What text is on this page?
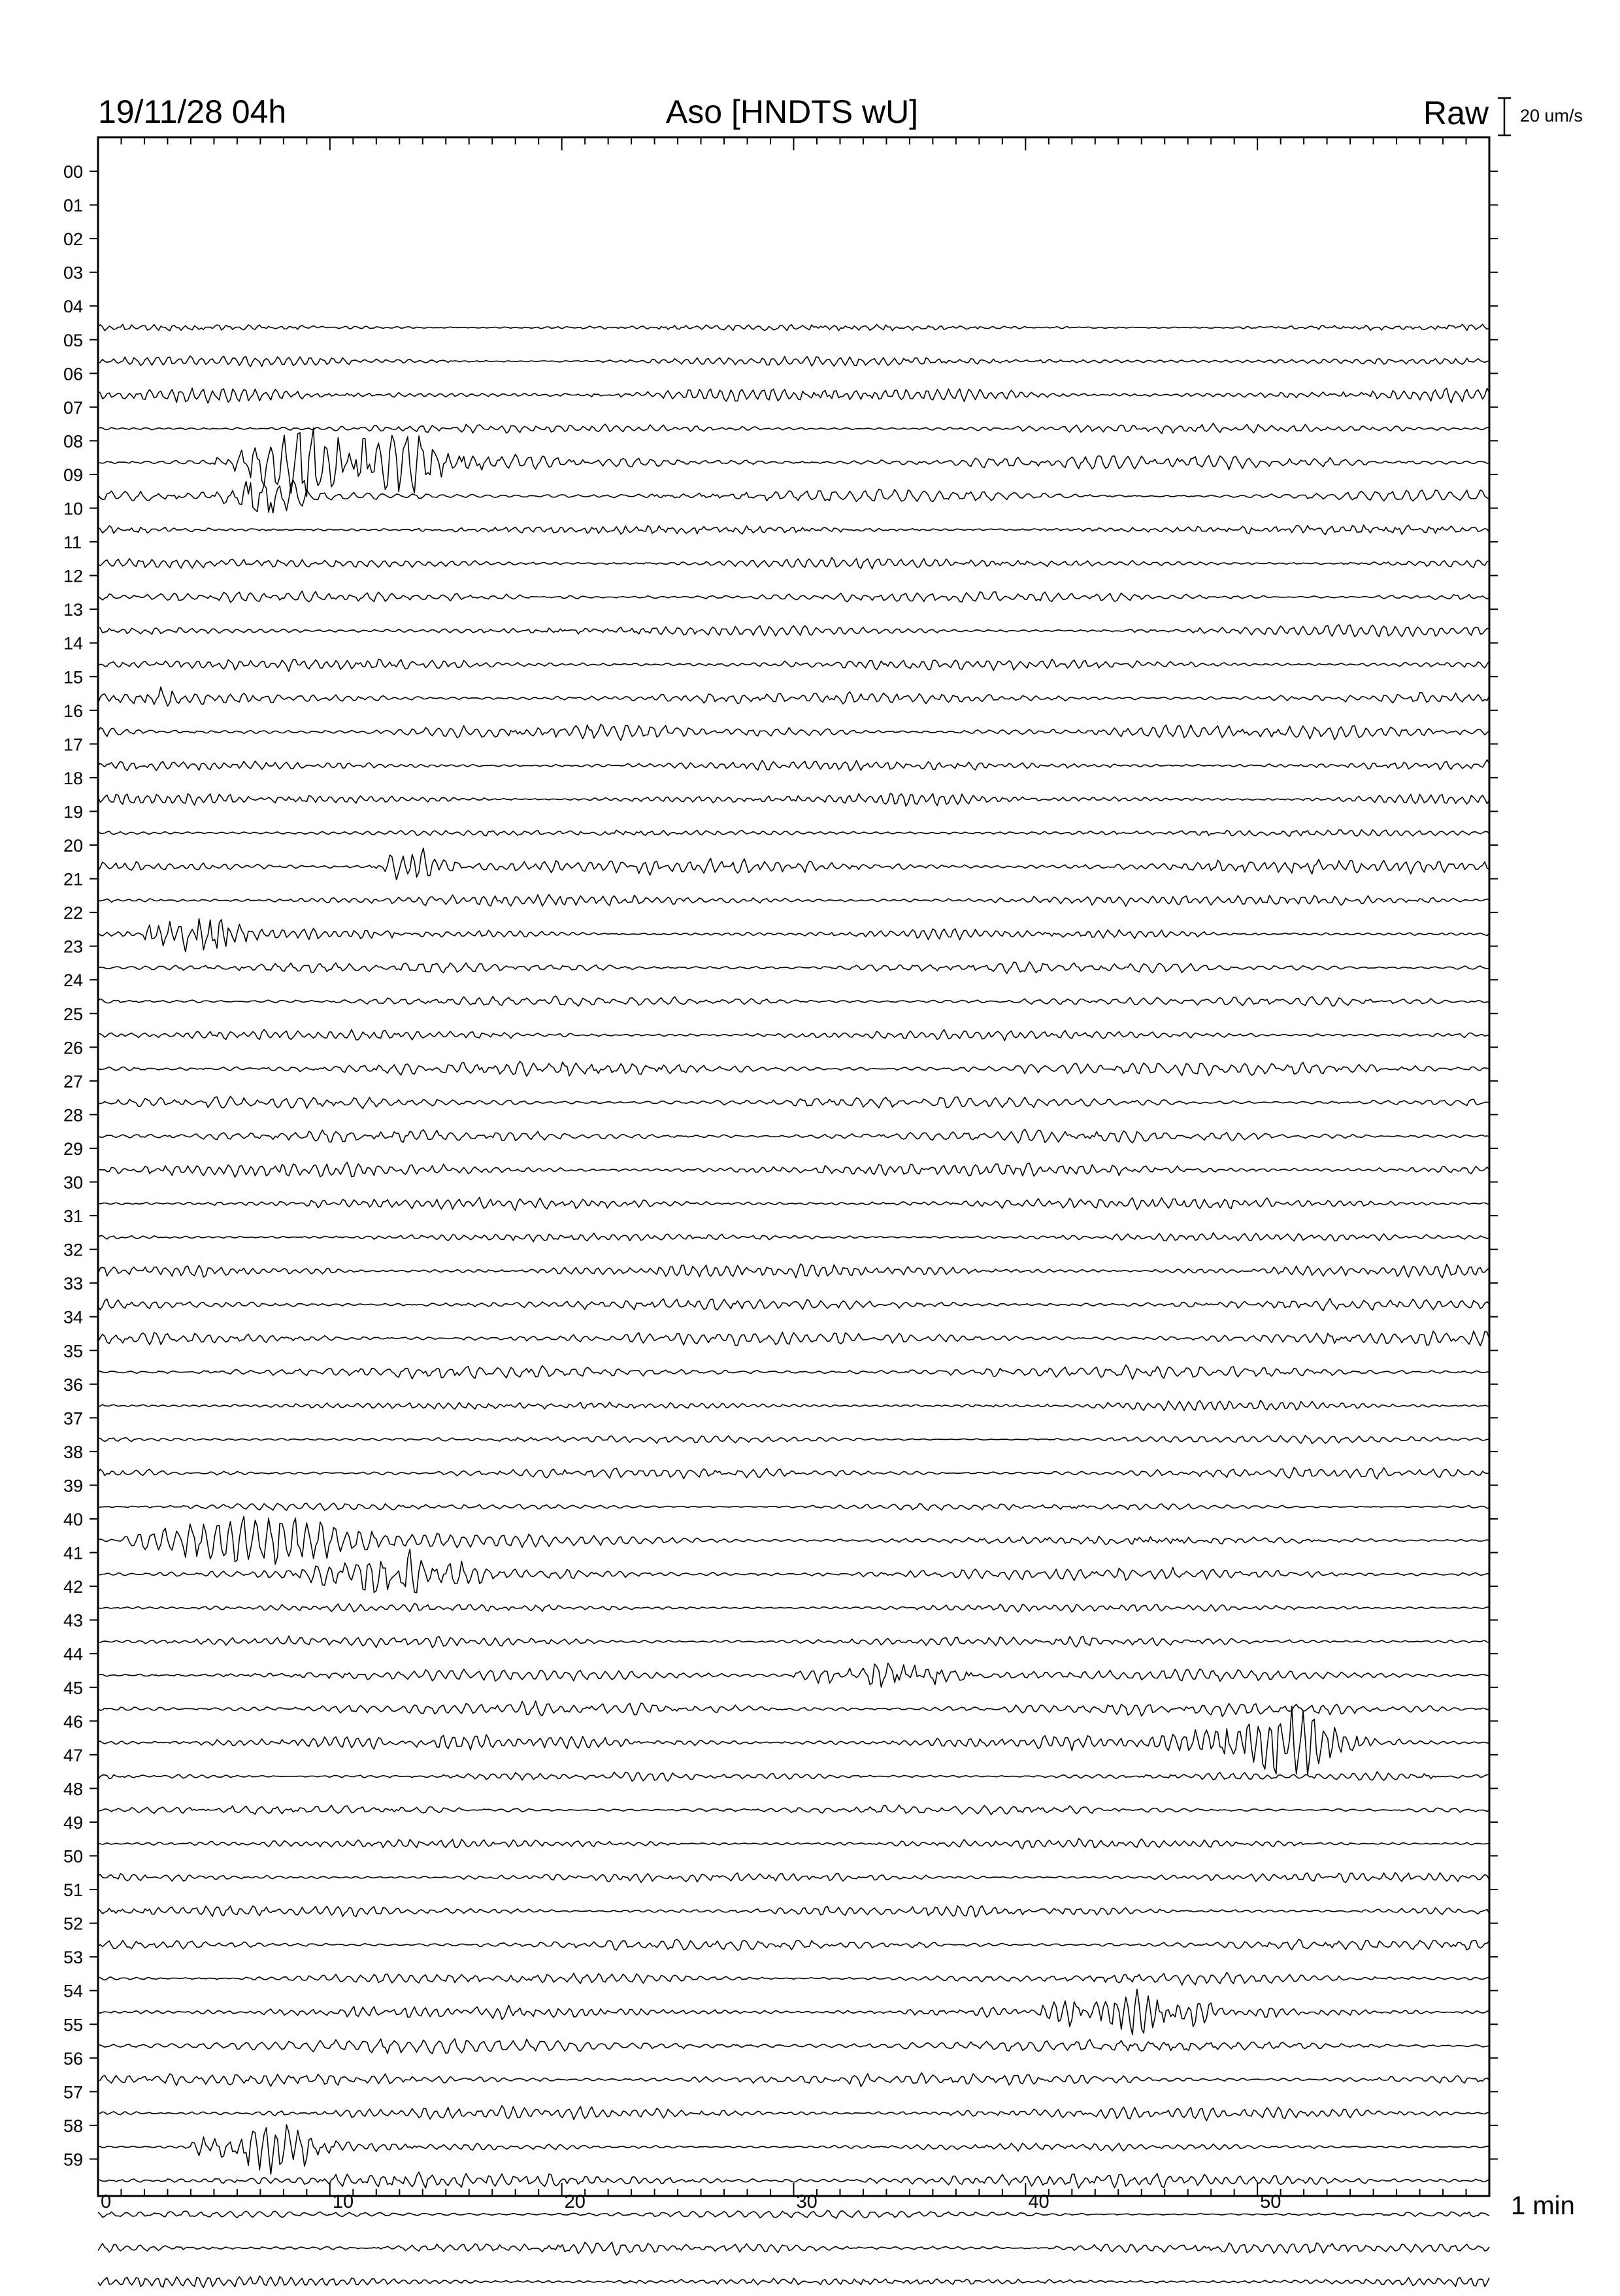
19/11/28 04h	Aso [HNDTS wU]	Raw 20 um/s
00
01
02
03
04
05
06
07
08
09
10
11
12
13
14
15
16
17
18
19
20
21
22
23
24
25
26
27
28
29
30
31
32
33
34
35
36
37
38
39
40
41
42
43
44
45
46
47
48
49
50
51
52
53
54
55
56
57
58
59
0	10	20	30	40	50	1 min
